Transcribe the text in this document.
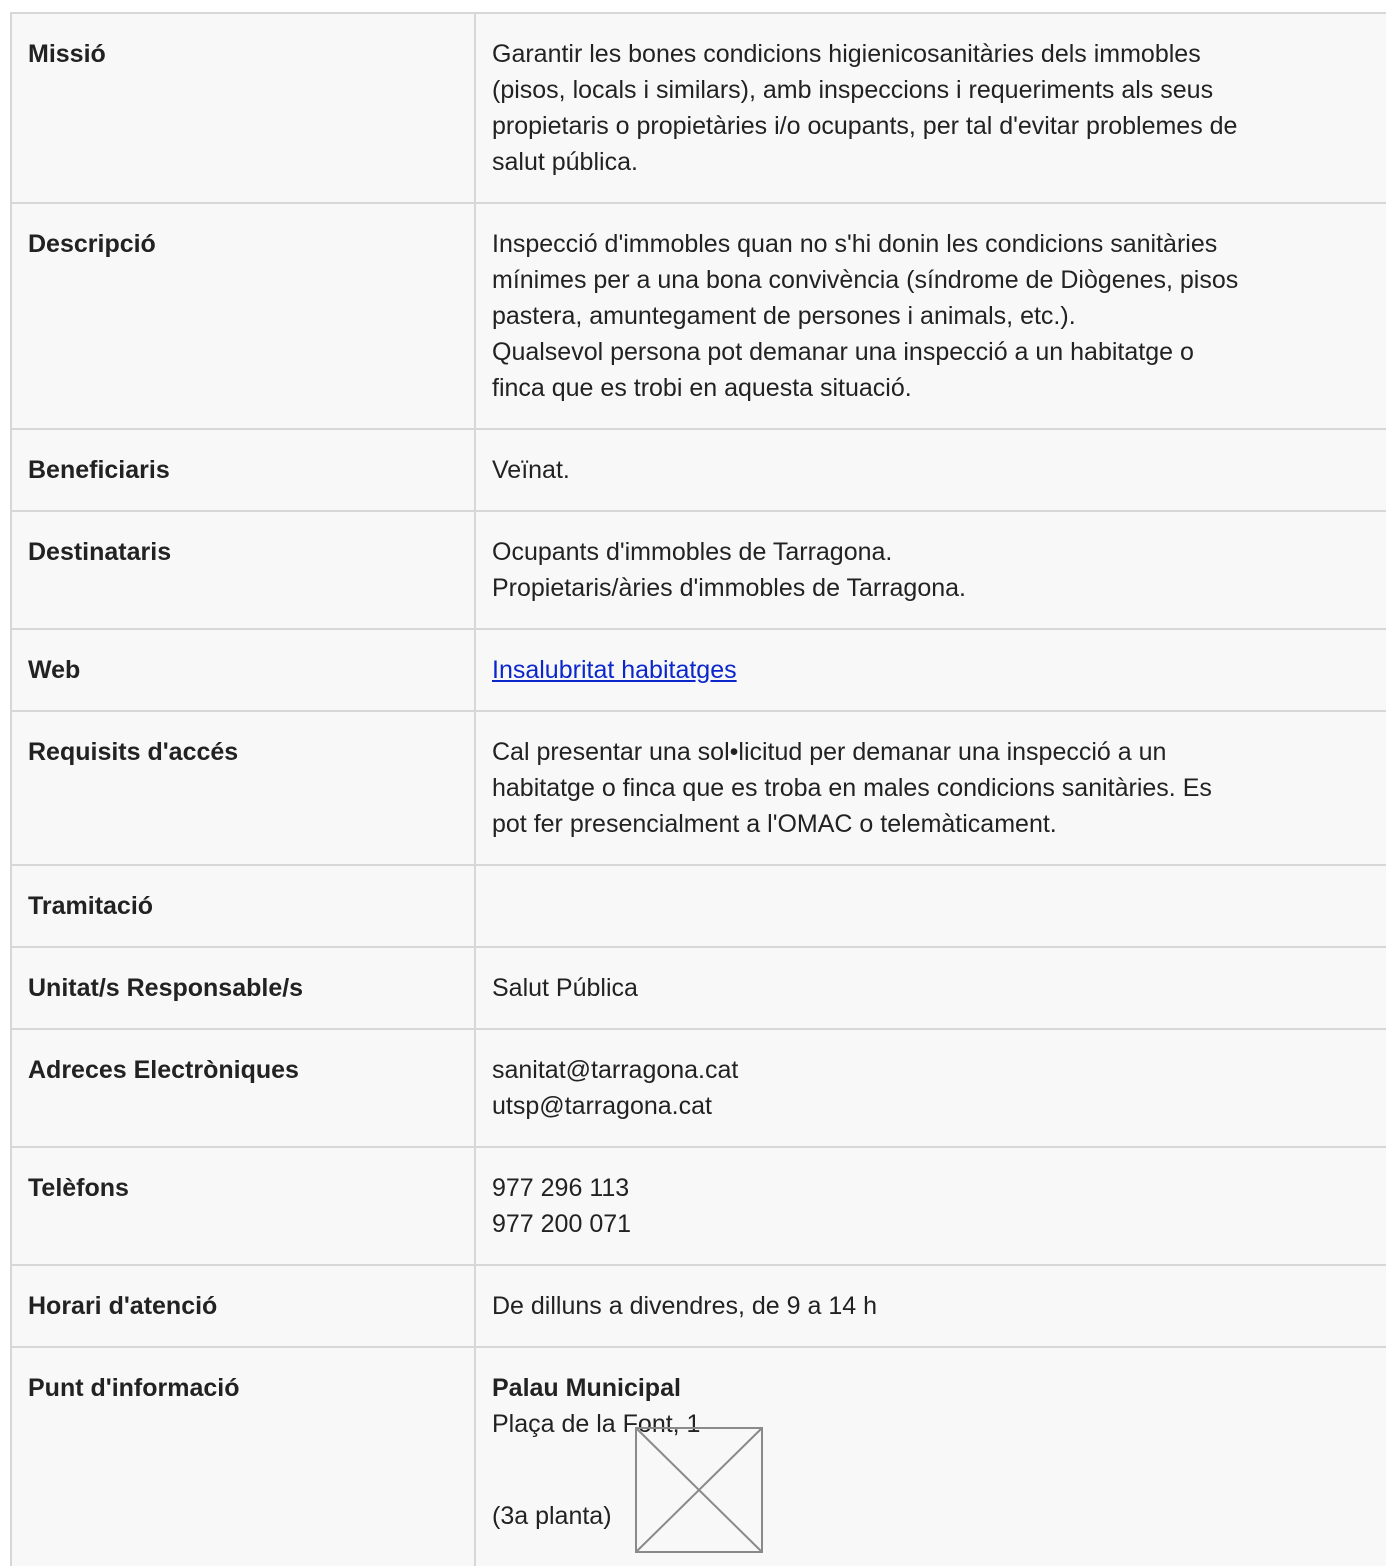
Missió	Garantir les bones condicions higienicosanitàries dels immobles
(pisos, locals i similars), amb inspeccions i requeriments als seus
propietaris o propietàries i/o ocupants, per tal d'evitar problemes de
salut pública.

Descripció	Inspecció d'immobles quan no s'hi donin les condicions sanitàries
mínimes per a una bona convivència (síndrome de Diògenes, pisos
pastera, amuntegament de persones i animals, etc.).
Qualsevol persona pot demanar una inspecció a un habitatge o
finca que es trobi en aquesta situació.

Beneficiaris	Veïnat.

Destinataris	Ocupants d'immobles de Tarragona.
Propietaris/àries d'immobles de Tarragona.

Web	Insalubritat habitatges
Requisits d'accés	Cal presentar una sol•licitud per demanar una inspecció a un
habitatge o finca que es troba en males condicions sanitàries. Es
pot fer presencialment a l'OMAC o telemàticament.

Tramitació	
Unitat/s Responsable/s	Salut Pública

Adreces Electròniques	sanitat@tarragona.cat
utsp@tarragona.cat

Telèfons	977 296 113
977 200 071

Horari d'atenció	De dilluns a divendres, de 9 a 14 h

Punt d'informació	Palau Municipal
Plaça de la Font, 1
(3a planta)
